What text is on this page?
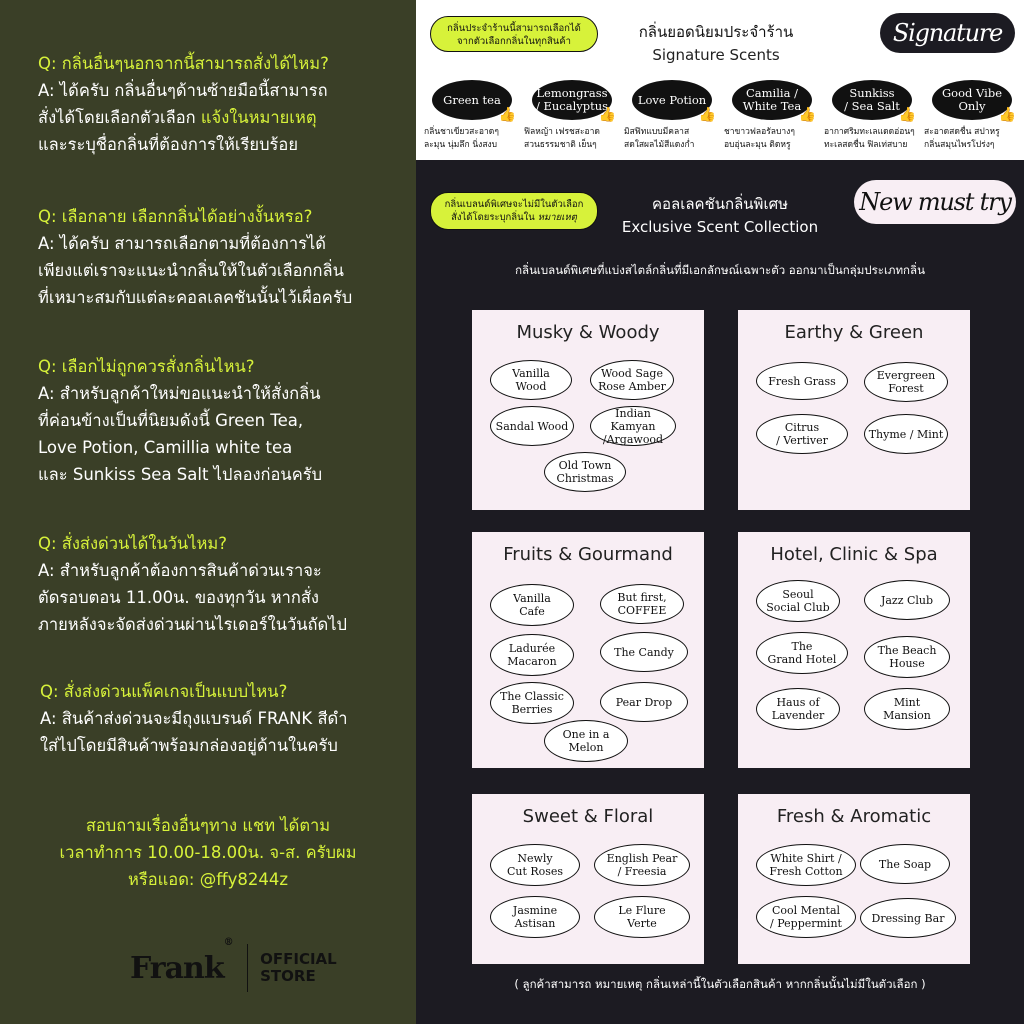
Q: กลิ่นอื่นๆนอกจากนี้สามารถสั่งได้ไหม?
A: ได้ครับ กลิ่นอื่นๆด้านซ้ายมือนี้สามารถ
สั่งได้โดยเลือกตัวเลือก แจ้งในหมายเหตุ
และระบุชื่อกลิ่นที่ต้องการให้เรียบร้อย
Q: เลือกลาย เลือกกลิ่นได้อย่างงั้นหรอ?
A: ได้ครับ สามารถเลือกตามที่ต้องการได้
เพียงแต่เราจะแนะนำกลิ่นให้ในตัวเลือกกลิ่น
ที่เหมาะสมกับแต่ละคอลเลคชันนั้นไว้เผื่อครับ
Q: เลือกไม่ถูกควรสั่งกลิ่นไหน?
A: สำหรับลูกค้าใหม่ขอแนะนำให้สั่งกลิ่น
ที่ค่อนข้างเป็นที่นิยมดังนี้ Green Tea,
Love Potion, Camillia white tea
และ Sunkiss Sea Salt ไปลองก่อนครับ
Q: สั่งส่งด่วนได้ในวันไหม?
A: สำหรับลูกค้าต้องการสินค้าด่วนเราจะ
ตัดรอบตอน 11.00น. ของทุกวัน หากสั่ง
ภายหลังจะจัดส่งด่วนผ่านไรเดอร์ในวันถัดไป
Q: สั่งส่งด่วนแพ็คเกจเป็นแบบไหน?
A: สินค้าส่งด่วนจะมีถุงแบรนด์ FRANK สีดำ
ใส่ไปโดยมีสินค้าพร้อมกล่องอยู่ด้านในครับ
สอบถามเรื่องอื่นๆทาง แชท ได้ตาม
เวลาทำการ 10.00-18.00น. จ-ส. ครับผม
หรือแอด: @ffy8244z
Frank®
OFFICIAL
STORE
กลิ่นประจำร้านนี้สามารถเลือกได้
จากตัวเลือกกลิ่นในทุกสินค้า
กลิ่นยอดนิยมประจำร้าน
Signature Scents
Signature
Green tea
👍
กลิ่นชาเขียวสะอาดๆ
ละมุน นุ่มลึก นิ่งสงบ
Lemongrass
/ Eucalyptus
👍
ฟิลหญ้า เฟรชสะอาด
สวนธรรมชาติ เย็นๆ
Love Potion
👍
มิสฟิทแบบมีคลาส
สดใสผลไม้สีแดงก่ำ
Camilia /
White Tea
👍
ชาขาวฟลอรัลบางๆ
อบอุ่นละมุน ติดหรู
Sunkiss
/ Sea Salt
👍
อากาศริมทะเลแดดอ่อนๆ
ทะเลสดชื่น ฟิลเท่สบาย
Good Vibe
Only
👍
สะอาดสดชื่น สปาหรู
กลิ่นสมุนไพรโปร่งๆ
กลิ่นเบลนด์พิเศษจะไม่มีในตัวเลือก
สั่งได้โดยระบุกลิ่นใน หมายเหตุ
คอลเลคชันกลิ่นพิเศษ
Exclusive Scent Collection
New must try
กลิ่นเบลนด์พิเศษที่แบ่งสไตล์กลิ่นที่มีเอกลักษณ์เฉพาะตัว ออกมาเป็นกลุ่มประเภทกลิ่น
Musky & Woody
Vanilla
Wood
Wood Sage
Rose Amber
Sandal Wood
Indian Kamyan
/Argawood
Old Town
Christmas
Earthy & Green
Fresh Grass	Evergreen
Forest
Citrus
/ Vertiver	Thyme / Mint
Fruits & Gourmand
Vanilla
Cafe
But first,
COFFEE
Ladurée
Macaron
The Candy
The Classic
Berries
Pear Drop
One in a
Melon
Hotel, Clinic & Spa
Seoul
Social Club
Jazz Club
The
Grand Hotel
The Beach
House
Haus of
Lavender
Mint
Mansion
Sweet & Floral
Newly
Cut Roses
English Pear
/ Freesia
Jasmine
Astisan
Le Flure
Verte
Fresh & Aromatic
White Shirt /
Fresh Cotton
The Soap
Cool Mental
/ Peppermint	Dressing Bar
( ลูกค้าสามารถ หมายเหตุ กลิ่นเหล่านี้ในตัวเลือกสินค้า หากกลิ่นนั้นไม่มีในตัวเลือก )
